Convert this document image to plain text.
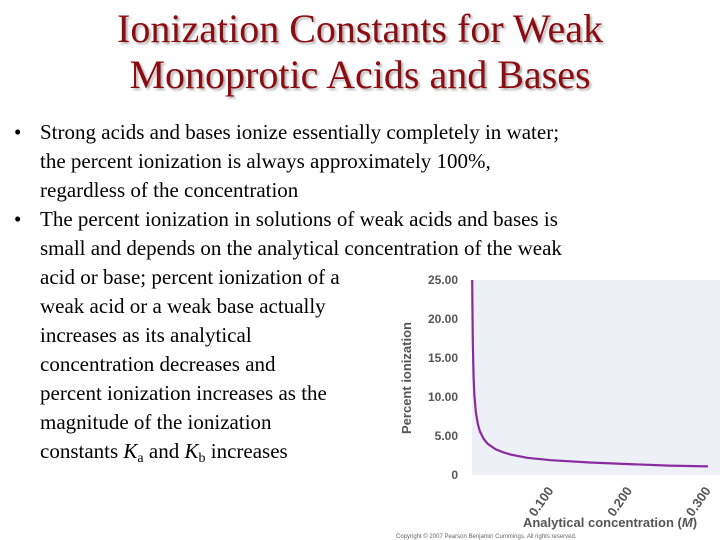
Ionization Constants for Weak
Monoprotic Acids and Bases
• Strong acids and bases ionize essentially completely in water;
the percent ionization is always approximately 100%,
regardless of the concentration
• The percent ionization in solutions of weak acids and bases is
small and depends on the analytical concentration of the weak
acid or base; percent ionization of a
weak acid or a weak base actually
increases as its analytical
concentration decreases and
percent ionization increases as the
magnitude of the ionization
constants $K_a$ and $K_b$ increases
25.00
20.00
15.00
10.00
5.00
0
0.100	0.200	0.300
Percent ionization
Analytical concentration (M)
Copyright © 2007 Pearson Benjamin Cummings. All rights reserved.
